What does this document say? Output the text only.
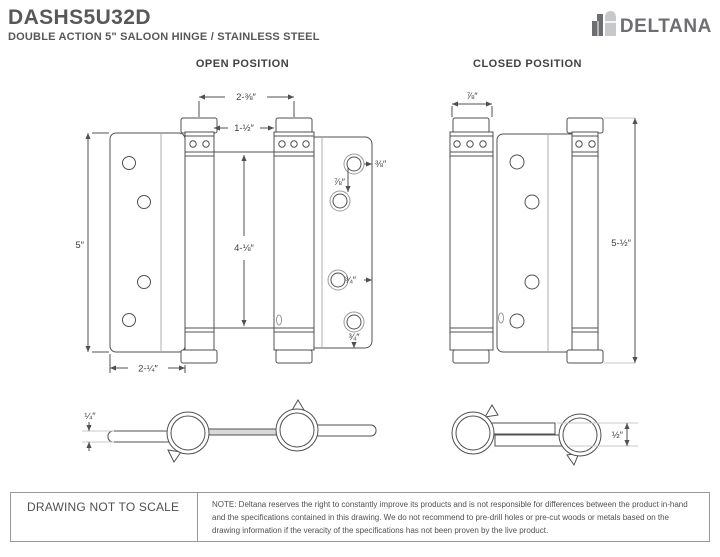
DASHS5U32D
DOUBLE ACTION 5" SALOON HINGE / STAINLESS STEEL	DELTANA
OPEN POSITION	CLOSED POSITION
2-⅜″
1-½″
5″	4-⅛″
⅜″
⅞″
¾″
¾″
2-¼″
⅞″
5-½″
¼″
½″
DRAWING NOT TO SCALE	NOTE: Deltana reserves the right to constantly improve its products and is not responsible for differences between the product in-hand and the specifications contained in this drawing. We do not recommend to pre-drill holes or pre-cut woods or metals based on the drawing information if the veracity of the specifications has not been proven by the live product.
